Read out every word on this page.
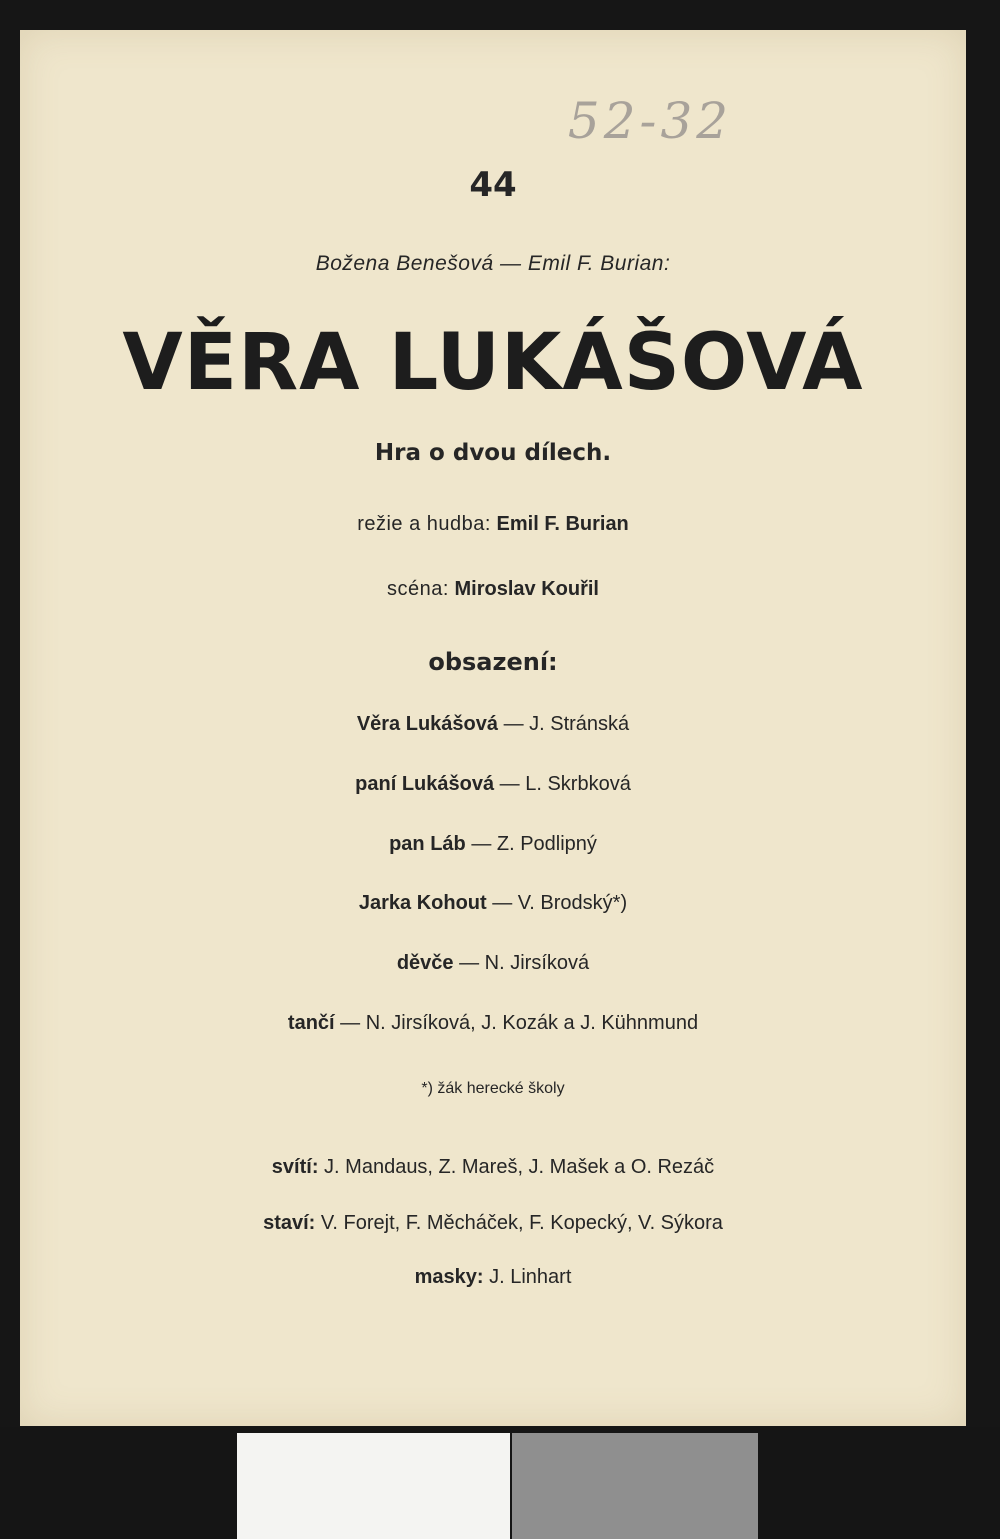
52-32
44
Božena Benešová — Emil F. Burian:
VĚRA LUKÁŠOVÁ
Hra o dvou dílech.
režie a hudba: Emil F. Burian
scéna: Miroslav Kouřil
obsazení:
Věra Lukášová — J. Stránská
paní Lukášová — L. Skrbková
pan Láb — Z. Podlipný
Jarka Kohout — V. Brodský*)
děvče — N. Jirsíková
tančí — N. Jirsíková, J. Kozák a J. Kühnmund
*) žák herecké školy
svítí: J. Mandaus, Z. Mareš, J. Mašek a O. Rezáč
staví: V. Forejt, F. Měcháček, F. Kopecký, V. Sýkora
masky: J. Linhart
